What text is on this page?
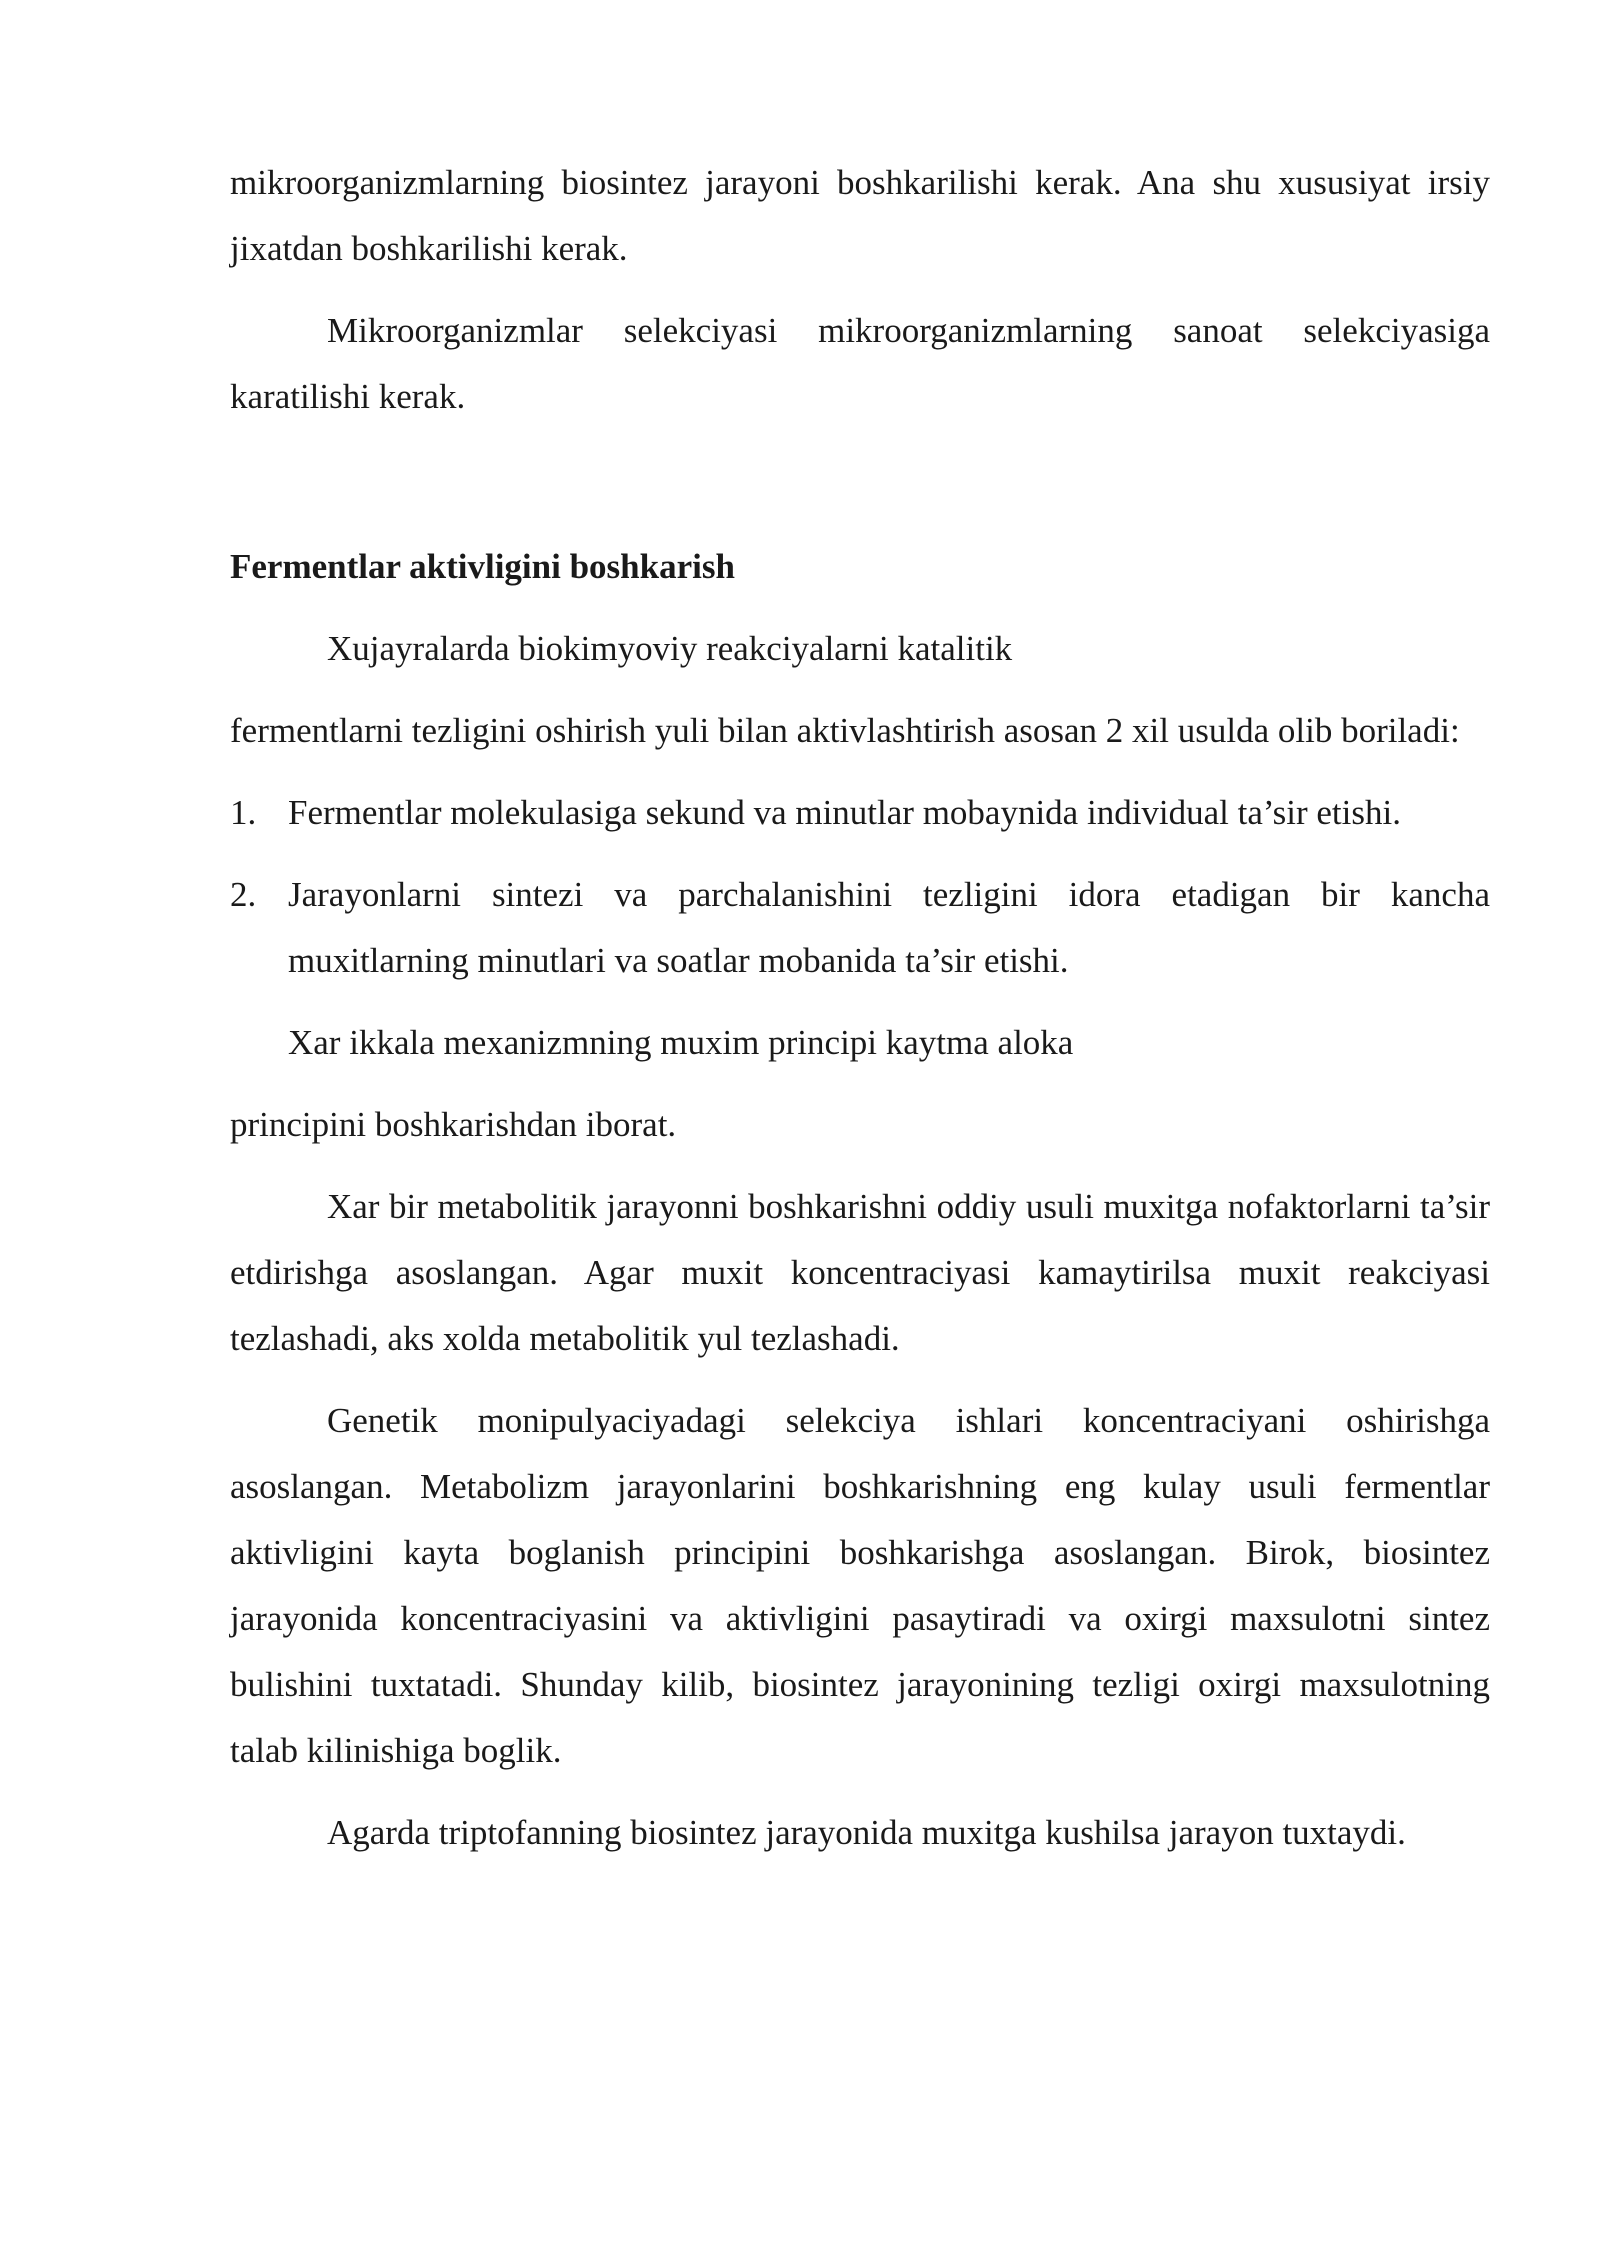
mikroorganizmlarning biosintez jarayoni boshkarilishi kerak. Ana shu xususiyat irsiy jixatdan boshkarilishi kerak.

Mikroorganizmlar selekciyasi mikroorganizmlarning sanoat selekciyasiga karatilishi kerak.

Fermentlar aktivligini boshkarish

Xujayralarda biokimyoviy reakciyalarni katalitik

fermentlarni tezligini oshirish yuli bilan aktivlashtirish asosan 2 xil usulda olib boriladi:

1. Fermentlar molekulasiga sekund va minutlar mobaynida individual ta’sir etishi.
2. Jarayonlarni sintezi va parchalanishini tezligini idora etadigan bir kancha muxitlarning minutlari va soatlar mobanida ta’sir etishi.

Xar ikkala mexanizmning muxim principi kaytma aloka

principini boshkarishdan iborat.

Xar bir metabolitik jarayonni boshkarishni oddiy usuli muxitga nofaktorlarni ta’sir etdirishga asoslangan. Agar muxit koncentraciyasi kamaytirilsa muxit reakciyasi tezlashadi, aks xolda metabolitik yul tezlashadi.

Genetik monipulyaciyadagi selekciya ishlari koncentraciyani oshirishga asoslangan. Metabolizm jarayonlarini boshkarishning eng kulay usuli fermentlar aktivligini kayta boglanish principini boshkarishga asoslangan. Birok, biosintez jarayonida koncentraciyasini va aktivligini pasaytiradi va oxirgi maxsulotni sintez bulishini tuxtatadi. Shunday kilib, biosintez jarayonining tezligi oxirgi maxsulotning talab kilinishiga boglik.

Agarda triptofanning biosintez jarayonida muxitga kushilsa jarayon tuxtaydi.
